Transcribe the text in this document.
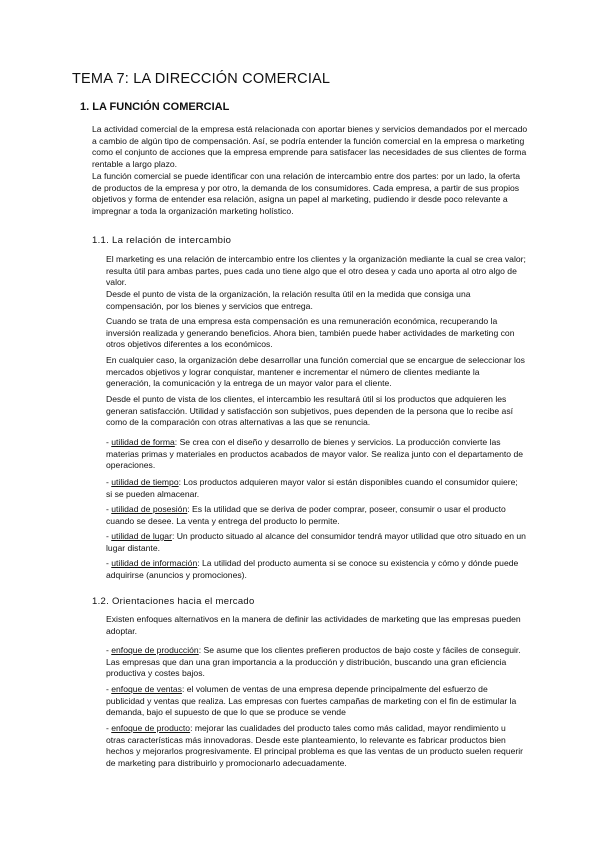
TEMA 7: LA DIRECCIÓN COMERCIAL
1. LA FUNCIÓN COMERCIAL
La actividad comercial de la empresa está relacionada con aportar bienes y servicios demandados por el mercado a cambio de algún tipo de compensación. Así, se podría entender la función comercial en la empresa o marketing como el conjunto de acciones que la empresa emprende para satisfacer las necesidades de sus clientes de forma rentable a largo plazo.
La función comercial se puede identificar con una relación de intercambio entre dos partes: por un lado, la oferta de productos de la empresa y por otro, la demanda de los consumidores. Cada empresa, a partir de sus propios objetivos y forma de entender esa relación, asigna un papel al marketing, pudiendo ir desde poco relevante a impregnar a toda la organización marketing holístico.
1.1. La relación de intercambio
El marketing es una relación de intercambio entre los clientes y la organización mediante la cual se crea valor; resulta útil para ambas partes, pues cada uno tiene algo que el otro desea y cada uno aporta al otro algo de valor.
Desde el punto de vista de la organización, la relación resulta útil en la medida que consiga una compensación, por los bienes y servicios que entrega.
Cuando se trata de una empresa esta compensación es una remuneración económica, recuperando la inversión realizada y generando beneficios. Ahora bien, también puede haber actividades de marketing con otros objetivos diferentes a los económicos.
En cualquier caso, la organización debe desarrollar una función comercial que se encargue de seleccionar los mercados objetivos y lograr conquistar, mantener e incrementar el número de clientes mediante la generación, la comunicación y la entrega de un mayor valor para el cliente.
Desde el punto de vista de los clientes, el intercambio les resultará útil si los productos que adquieren les generan satisfacción. Utilidad y satisfacción son subjetivos, pues dependen de la persona que lo recibe así como de la comparación con otras alternativas a las que se renuncia.
- utilidad de forma: Se crea con el diseño y desarrollo de bienes y servicios. La producción convierte las materias primas y materiales en productos acabados de mayor valor. Se realiza junto con el departamento de operaciones.
- utilidad de tiempo: Los productos adquieren mayor valor si están disponibles cuando el consumidor quiere; si se pueden almacenar.
- utilidad de posesión: Es la utilidad que se deriva de poder comprar, poseer, consumir o usar el producto cuando se desee. La venta y entrega del producto lo permite.
- utilidad de lugar: Un producto situado al alcance del consumidor tendrá mayor utilidad que otro situado en un lugar distante.
- utilidad de información: La utilidad del producto aumenta si se conoce su existencia y cómo y dónde puede adquirirse (anuncios y promociones).
1.2. Orientaciones hacia el mercado
Existen enfoques alternativos en la manera de definir las actividades de marketing que las empresas pueden adoptar.
- enfoque de producción: Se asume que los clientes prefieren productos de bajo coste y fáciles de conseguir. Las empresas que dan una gran importancia a la producción y distribución, buscando una gran eficiencia productiva y costes bajos.
- enfoque de ventas: el volumen de ventas de una empresa depende principalmente del esfuerzo de publicidad y ventas que realiza. Las empresas con fuertes campañas de marketing con el fin de estimular la demanda, bajo el supuesto de que lo que se produce se vende
- enfoque de producto: mejorar las cualidades del producto tales como más calidad, mayor rendimiento u otras características más innovadoras. Desde este planteamiento, lo relevante es fabricar productos bien hechos y mejorarlos progresivamente. El principal problema es que las ventas de un producto suelen requerir de marketing para distribuirlo y promocionarlo adecuadamente.
